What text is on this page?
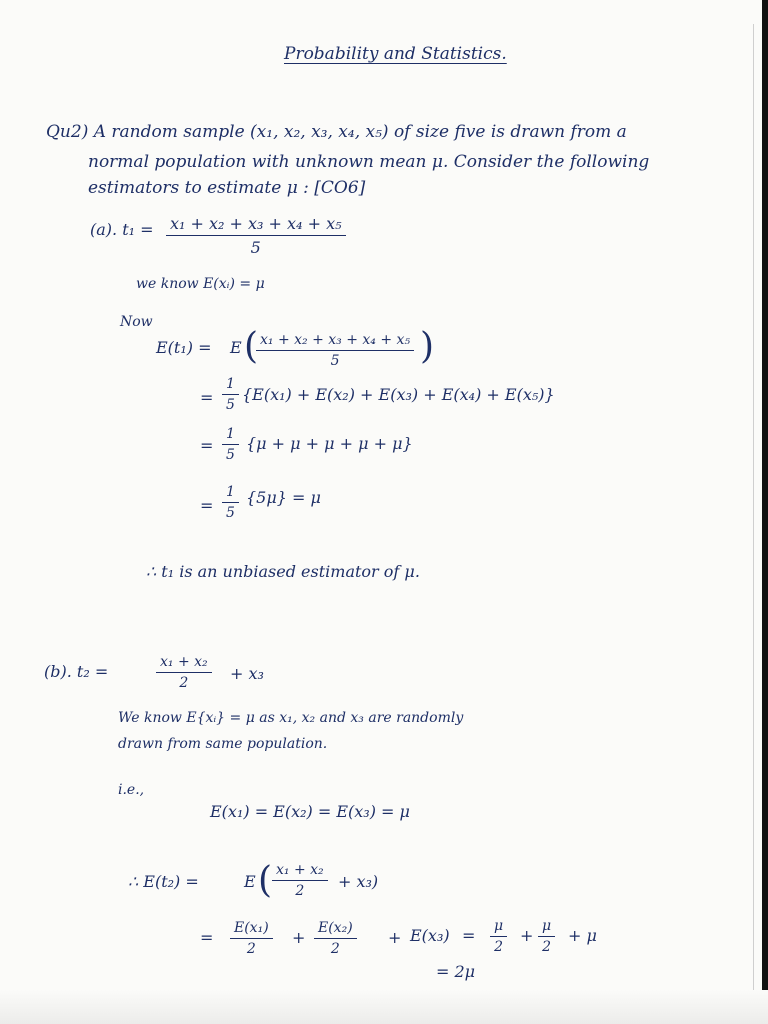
Probability and Statistics.
Qu2) A random sample (x₁, x₂, x₃, x₄, x₅) of size five is drawn from a
normal population with unknown mean μ. Consider the following
estimators to estimate μ : [CO6]
(a). $t_1 = \frac{\text{x₁ + x₂ + x₃ + x₄ + x₅}}{5}$
we know E(xᵢ) = μ
Now
E(t₁) = E (
$\frac{\text{x₁ + x₂ + x₃ + x₄ + x₅}}{5}$ )
= $\frac{1}{5} \{E(x_1) + E(x_2) + E(x_3) + E(x_4) + E(x_5)\}$
= $\frac{1}{5} \{\mu + \mu + \mu + \mu + \mu\}$
= $\frac{1}{5} \{5\mu\} = \mu$
∴ t₁ is an unbiased estimator of μ.
(b). t₂ =	$\frac{\text{x₁ + x₂}}{2} + x_3$
We know E{xᵢ} = μ as x₁, x₂ and x₃ are randomly
drawn from same population.
i.e.,
E(x₁) = E(x₂) = E(x₃) = μ
∴ E(t₂) =	E ( $\frac{\text{x₁ + x₂}}{2} + x_3$)
= $\frac{\text{E(x₁)}}{2} + \frac{\text{E(x₂)}}{2} + E(x_3) = \frac{\mu}{2} + \frac{\mu}{2} + \mu$
= 2μ
